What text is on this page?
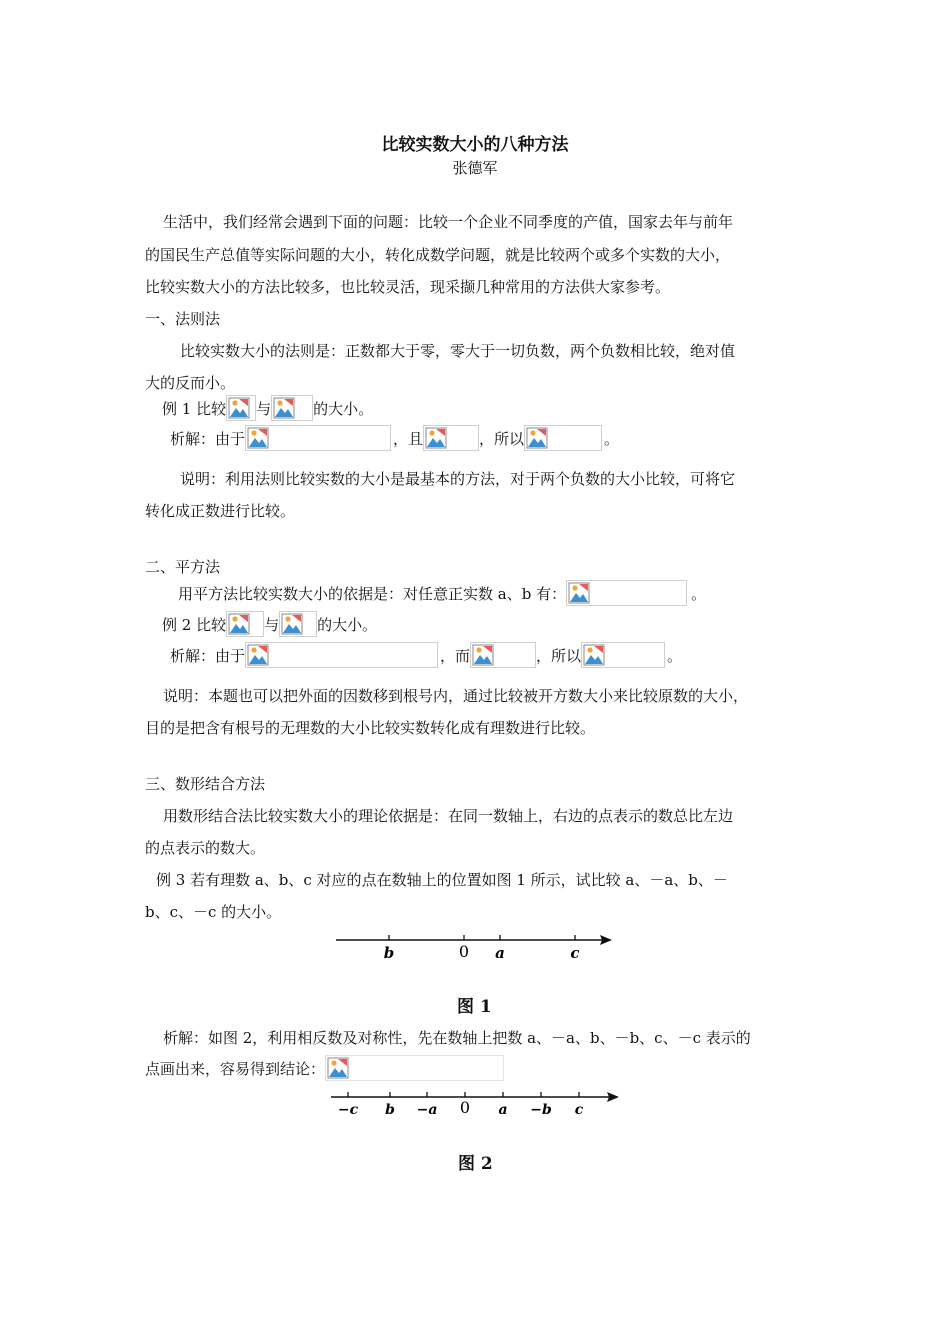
比较实数大小的八种方法
张德军
生活中，我们经常会遇到下面的问题：比较一个企业不同季度的产值，国家去年与前年
的国民生产总值等实际问题的大小，转化成数学问题，就是比较两个或多个实数的大小，
比较实数大小的方法比较多，也比较灵活，现采撷几种常用的方法供大家参考。
一、法则法
比较实数大小的法则是：正数都大于零，零大于一切负数，两个负数相比较，绝对值
大的反而小。
例 1 比较 与	的大小。
析解：由于	，且	，所以	。
说明：利用法则比较实数的大小是最基本的方法，对于两个负数的大小比较，可将它
转化成正数进行比较。
二、平方法
用平方法比较实数大小的依据是：对任意正实数 a、b 有：	。
例 2 比较	与	的大小。
析解：由于	，而	，所以	。
说明：本题也可以把外面的因数移到根号内，通过比较被开方数大小来比较原数的大小，
目的是把含有根号的无理数的大小比较实数转化成有理数进行比较。
三、数形结合方法
用数形结合法比较实数大小的理论依据是：在同一数轴上，右边的点表示的数总比左边
的点表示的数大。
例 3 若有理数 a、b、c 对应的点在数轴上的位置如图 1 所示，试比较 a、－a、b、－
b、c、－c 的大小。
b	0 a	c
图 1
析解：如图 2，利用相反数及对称性，先在数轴上把数 a、－a、b、－b、c、－c 表示的
点画出来，容易得到结论：
−c b −a 0 a −b c
图 2
